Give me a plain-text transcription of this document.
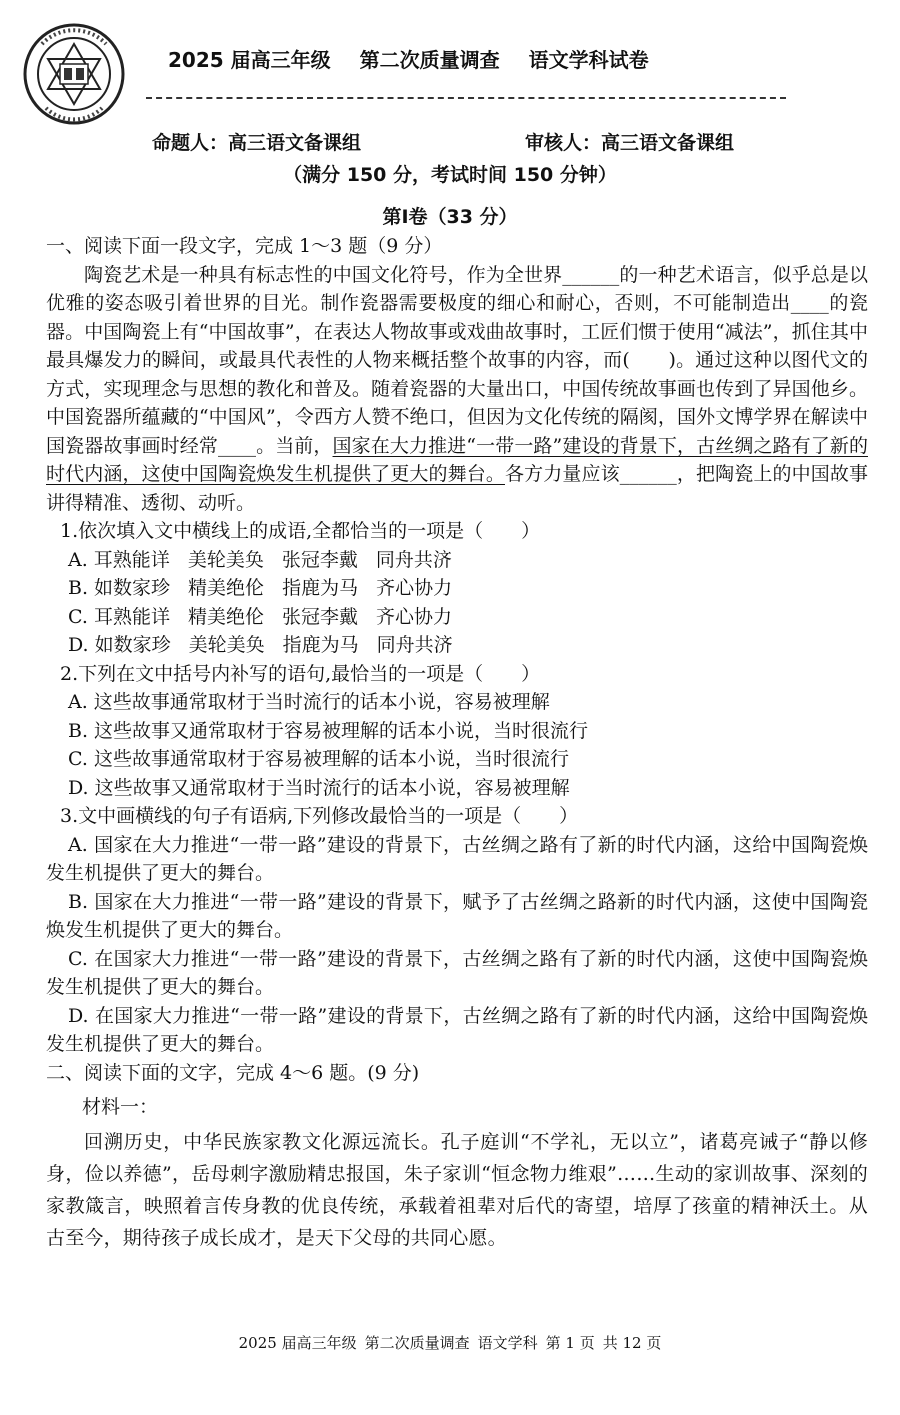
2025 届高三年级 第二次质量调查 语文学科试卷
命题人：高三语文备课组	审核人：高三语文备课组
（满分 150 分，考试时间 150 分钟）
第Ⅰ卷（33 分）

一、阅读下面一段文字，完成 1～3 题（9 分）

陶瓷艺术是一种具有标志性的中国文化符号，作为全世界______的一种艺术语言，似乎总是以优雅的姿态吸引着世界的目光。制作瓷器需要极度的细心和耐心，否则，不可能制造出____的瓷器。中国陶瓷上有“中国故事”，在表达人物故事或戏曲故事时，工匠们惯于使用“减法”，抓住其中最具爆发力的瞬间，或最具代表性的人物来概括整个故事的内容，而(　　)。通过这种以图代文的方式，实现理念与思想的教化和普及。随着瓷器的大量出口，中国传统故事画也传到了异国他乡。中国瓷器所蕴藏的“中国风”，令西方人赞不绝口，但因为文化传统的隔阂，国外文博学界在解读中国瓷器故事画时经常____。当前，国家在大力推进“一带一路”建设的背景下，古丝绸之路有了新的时代内涵，这使中国陶瓷焕发生机提供了更大的舞台。各方力量应该______，把陶瓷上的中国故事讲得精准、透彻、动听。

1.依次填入文中横线上的成语,全都恰当的一项是（　　）

A. 耳熟能详 美轮美奂 张冠李戴 同舟共济

B. 如数家珍 精美绝伦 指鹿为马 齐心协力

C. 耳熟能详 精美绝伦 张冠李戴 齐心协力

D. 如数家珍 美轮美奂 指鹿为马 同舟共济

2.下列在文中括号内补写的语句,最恰当的一项是（　　）

A. 这些故事通常取材于当时流行的话本小说，容易被理解

B. 这些故事又通常取材于容易被理解的话本小说，当时很流行

C. 这些故事通常取材于容易被理解的话本小说，当时很流行

D. 这些故事又通常取材于当时流行的话本小说，容易被理解

3.文中画横线的句子有语病,下列修改最恰当的一项是（　　）

A. 国家在大力推进“一带一路”建设的背景下，古丝绸之路有了新的时代内涵，这给中国陶瓷焕发生机提供了更大的舞台。

B. 国家在大力推进“一带一路”建设的背景下，赋予了古丝绸之路新的时代内涵，这使中国陶瓷焕发生机提供了更大的舞台。

C. 在国家大力推进“一带一路”建设的背景下，古丝绸之路有了新的时代内涵，这使中国陶瓷焕发生机提供了更大的舞台。

D. 在国家大力推进“一带一路”建设的背景下，古丝绸之路有了新的时代内涵，这给中国陶瓷焕发生机提供了更大的舞台。

二、阅读下面的文字，完成 4～6 题。(9 分)

材料一：

回溯历史，中华民族家教文化源远流长。孔子庭训“不学礼，无以立”，诸葛亮诫子“静以修身，俭以养德”，岳母刺字激励精忠报国，朱子家训“恒念物力维艰”……生动的家训故事、深刻的家教箴言，映照着言传身教的优良传统，承载着祖辈对后代的寄望，培厚了孩童的精神沃土。从古至今，期待孩子成长成才，是天下父母的共同心愿。

2025 届高三年级 第二次质量调查 语文学科 第 1 页 共 12 页
